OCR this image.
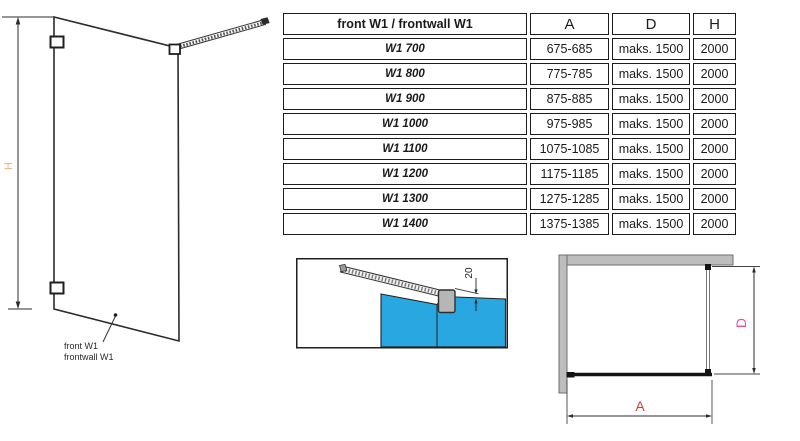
H
front W1
frontwall W1
front W1 / frontwall W1	A	D	H
W1 700	675-685	maks. 1500	2000
W1 800	775-785	maks. 1500	2000
W1 900	875-885	maks. 1500	2000
W1 1000	975-985	maks. 1500	2000
W1 1100	1075-1085	maks. 1500	2000
W1 1200	1175-1185	maks. 1500	2000
W1 1300	1275-1285	maks. 1500	2000
W1 1400	1375-1385	maks. 1500	2000
20
D
A
